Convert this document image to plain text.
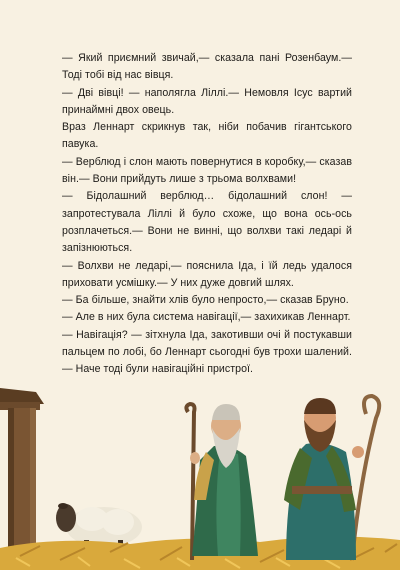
— Який приємний звичай,— сказала пані Розенбаум.— Тоді тобі від нас вівця.

— Дві вівці! — наполягла Ліллі.— Немовля Ісус вартий принаймні двох овець.

Враз Леннарт скрикнув так, ніби побачив гігантського павука.

— Верблюд і слон мають повернутися в коробку,— сказав він.— Вони прийдуть лише з трьома волхвами!

— Бідолашний верблюд… бідолашний слон! — запротестувала Ліллі й було схоже, що вона ось-ось розплачеться.— Вони не винні, що волхви такі ледарі й запізнюються.

— Волхви не ледарі,— пояснила Іда, і їй ледь удалося приховати усмішку.— У них дуже довгий шлях.

— Ба більше, знайти хлів було непросто,— сказав Бруно.

— Але в них була система навігації,— захихикав Леннарт.

— Навігація? — зітхнула Іда, закотивши очі й постукавши пальцем по лобі, бо Леннарт сьогодні був трохи шалений.— Наче тоді були навігаційні пристрої.
